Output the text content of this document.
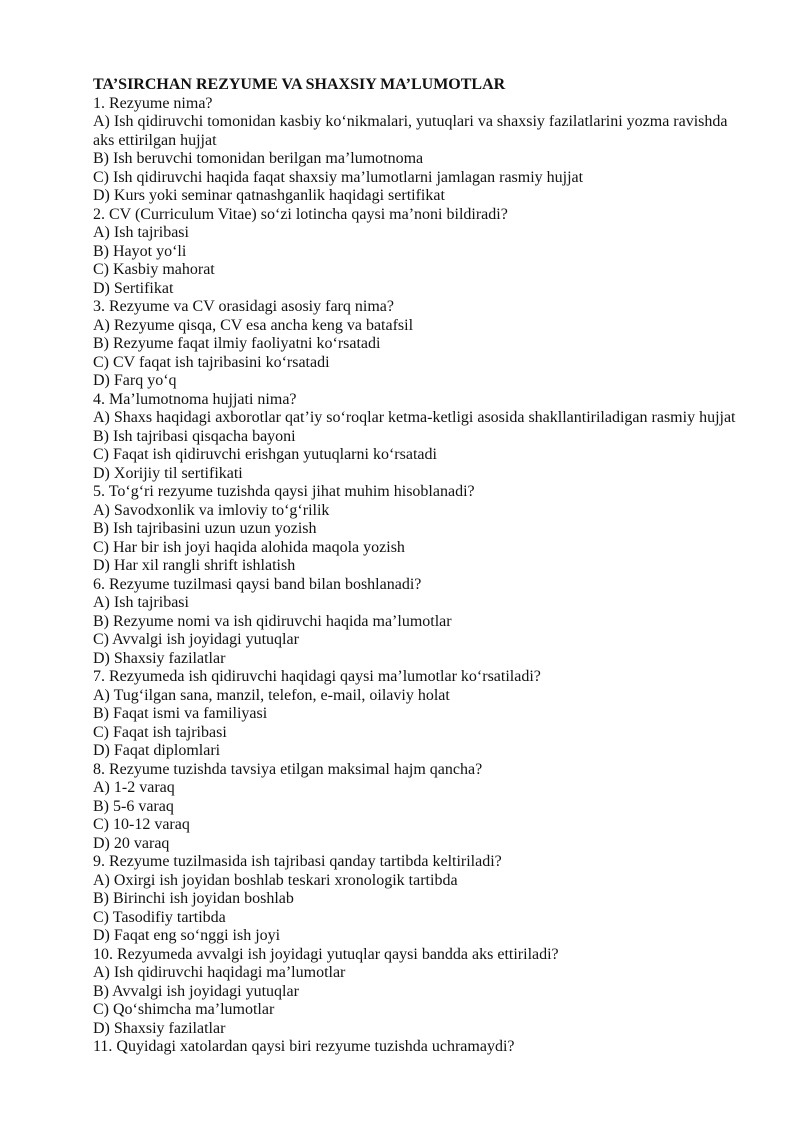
TA’SIRCHAN REZYUME VA SHAXSIY MA’LUMOTLAR

1. Rezyume nima?

A) Ish qidiruvchi tomonidan kasbiy ko‘nikmalari, yutuqlari va shaxsiy fazilatlarini yozma ravishda aks ettirilgan hujjat

B) Ish beruvchi tomonidan berilgan ma’lumotnoma

C) Ish qidiruvchi haqida faqat shaxsiy ma’lumotlarni jamlagan rasmiy hujjat

D) Kurs yoki seminar qatnashganlik haqidagi sertifikat

2. CV (Curriculum Vitae) so‘zi lotincha qaysi ma’noni bildiradi?

A) Ish tajribasi

B) Hayot yo‘li

C) Kasbiy mahorat

D) Sertifikat

3. Rezyume va CV orasidagi asosiy farq nima?

A) Rezyume qisqa, CV esa ancha keng va batafsil

B) Rezyume faqat ilmiy faoliyatni ko‘rsatadi

C) CV faqat ish tajribasini ko‘rsatadi

D) Farq yo‘q

4. Ma’lumotnoma hujjati nima?

A) Shaxs haqidagi axborotlar qat’iy so‘roqlar ketma-ketligi asosida shakllantiriladigan rasmiy hujjat

B) Ish tajribasi qisqacha bayoni

C) Faqat ish qidiruvchi erishgan yutuqlarni ko‘rsatadi

D) Xorijiy til sertifikati

5. To‘g‘ri rezyume tuzishda qaysi jihat muhim hisoblanadi?

A) Savodxonlik va imloviy to‘g‘rilik

B) Ish tajribasini uzun uzun yozish

C) Har bir ish joyi haqida alohida maqola yozish

D) Har xil rangli shrift ishlatish

6. Rezyume tuzilmasi qaysi band bilan boshlanadi?

A) Ish tajribasi

B) Rezyume nomi va ish qidiruvchi haqida ma’lumotlar

C) Avvalgi ish joyidagi yutuqlar

D) Shaxsiy fazilatlar

7. Rezyumeda ish qidiruvchi haqidagi qaysi ma’lumotlar ko‘rsatiladi?

A) Tug‘ilgan sana, manzil, telefon, e-mail, oilaviy holat

B) Faqat ismi va familiyasi

C) Faqat ish tajribasi

D) Faqat diplomlari

8. Rezyume tuzishda tavsiya etilgan maksimal hajm qancha?

A) 1-2 varaq

B) 5-6 varaq

C) 10-12 varaq

D) 20 varaq

9. Rezyume tuzilmasida ish tajribasi qanday tartibda keltiriladi?

A) Oxirgi ish joyidan boshlab teskari xronologik tartibda

B) Birinchi ish joyidan boshlab

C) Tasodifiy tartibda

D) Faqat eng so‘nggi ish joyi

10. Rezyumeda avvalgi ish joyidagi yutuqlar qaysi bandda aks ettiriladi?

A) Ish qidiruvchi haqidagi ma’lumotlar

B) Avvalgi ish joyidagi yutuqlar

C) Qo‘shimcha ma’lumotlar

D) Shaxsiy fazilatlar

11. Quyidagi xatolardan qaysi biri rezyume tuzishda uchramaydi?
